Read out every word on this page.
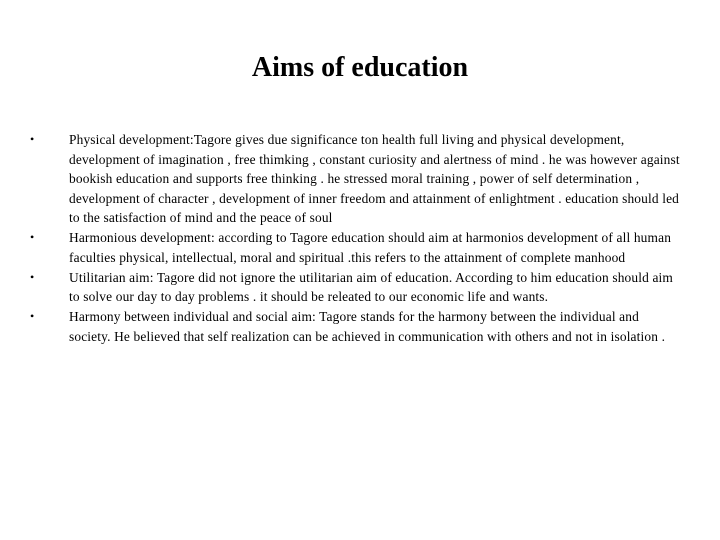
Aims of education
•	Physical development:Tagore gives due significance ton health full living and physical development, development of imagination , free thimking , constant curiosity and alertness of mind . he was however against bookish education and supports free thinking . he stressed moral training , power of self determination , development of character , development of inner freedom and attainment of enlightment . education should led to the satisfaction of mind and the peace of soul
•	Harmonious development: according to Tagore education should aim at harmonios development of all human faculties physical, intellectual, moral and spiritual .this refers to the attainment of complete manhood
•	Utilitarian aim: Tagore did not ignore the utilitarian aim of education. According to him education should aim to solve our day to day problems . it should be releated to our economic life and wants.
•	Harmony between individual and social aim: Tagore stands for the harmony between the individual and society. He believed that self realization can be achieved in communication with others and not in isolation .
